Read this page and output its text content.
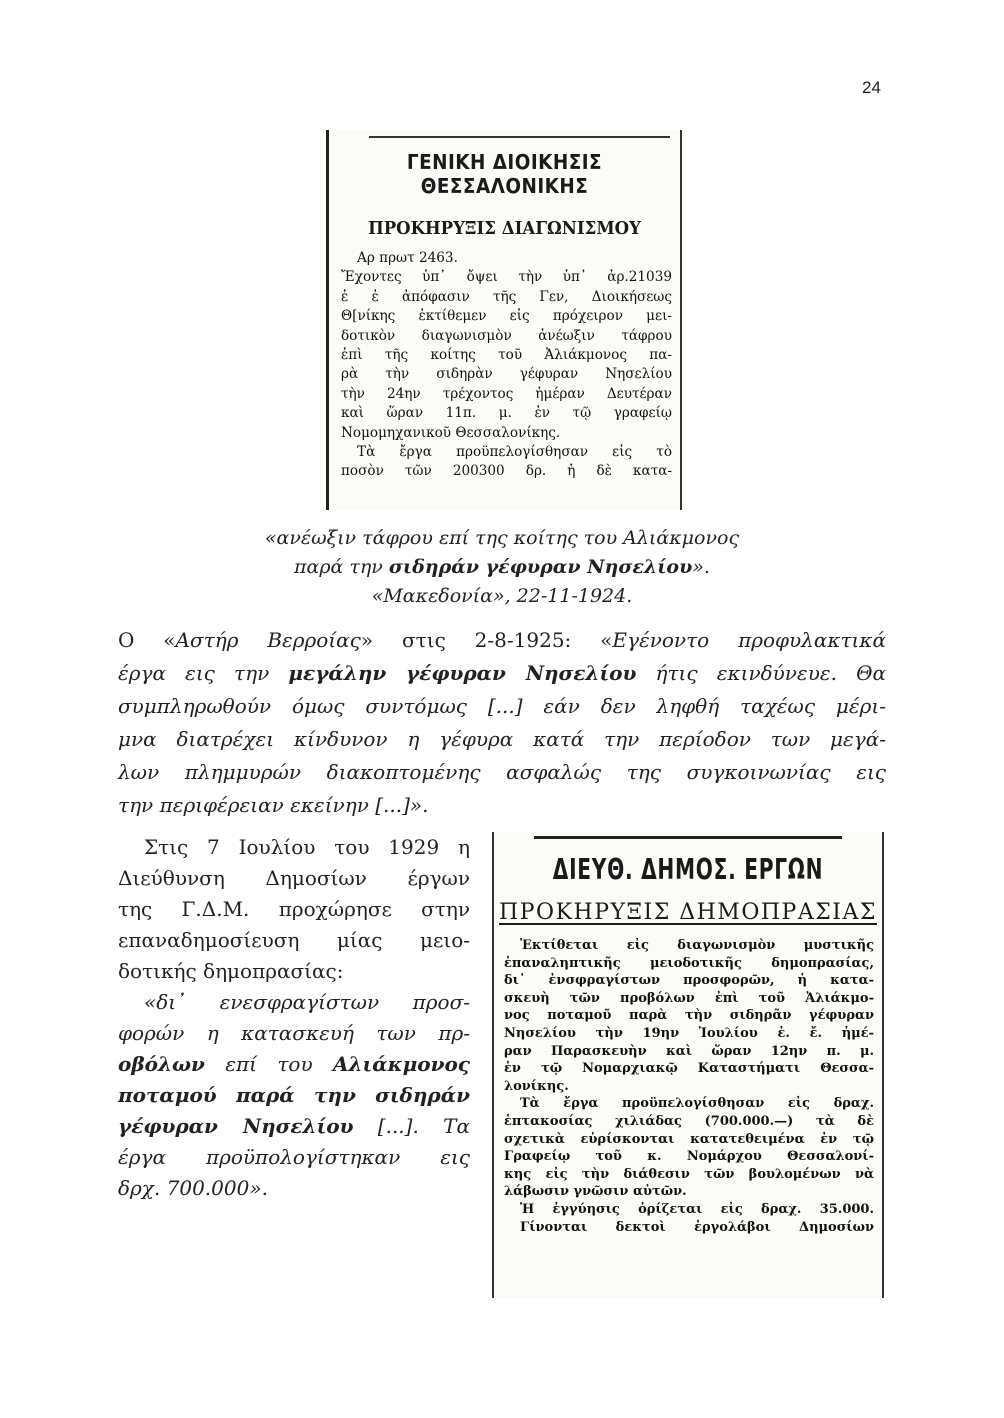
24
ΓΕΝΙΚΗ ΔΙΟΙΚΗΣΙΣ ΘΕΣΣΑΛΟΝΙΚΗΣ
ΠΡΟΚΗΡΥΞΙΣ ΔΙΑΓΩΝΙΣΜΟΥ
Αρ πρωτ 2463.
Ἔχοντες ὑπ᾽ ὄψει τὴν ὑπ᾽ ἀρ.21039
ἐ ἐ ἀπόφασιν τῆς Γεν, Διοικήσεως
Θ[νίκης ἐκτίθεμεν εἰς πρόχειρον μει-
δοτικὸν διαγωνισμὸν ἀνέωξιν τάφρου
ἐπὶ τῆς κοίτης τοῦ Ἀλιάκμονος πα-
ρὰ τὴν σιδηρὰν γέφυραν Νησελίου
τὴν 24ην τρέχοντος ἡμέραν Δευτέραν
καὶ ὥραν 11π. μ. ἐν τῷ γραφείῳ
Νομομηχανικοῦ Θεσσαλονίκης.
Τὰ ἔργα προϋπελογίσθησαν εἰς τὸ
ποσὸν τῶν 200300 δρ. ἡ δὲ κατα-
«ανέωξιν τάφρου επί της κοίτης του Αλιάκμονος
παρά την σιδηράν γέφυραν Νησελίου».
«Μακεδονία», 22-11-1924.
Ο «Αστήρ Βερροίας» στις 2-8-1925: «Εγένοντο προφυλακτικά
έργα εις την μεγάλην γέφυραν Νησελίου ήτις εκινδύνευε. Θα
συμπληρωθούν όμως συντόμως [...] εάν δεν ληφθή ταχέως μέρι-
μνα διατρέχει κίνδυνον η γέφυρα κατά την περίοδον των μεγά-
λων πλημμυρών διακοπτομένης ασφαλώς της συγκοινωνίας εις
την περιφέρειαν εκείνην [...]».
Στις 7 Ιουλίου του 1929 η
Διεύθυνση Δημοσίων έργων
της Γ.Δ.Μ. προχώρησε στην
επαναδημοσίευση μίας μειο-
δοτικής δημοπρασίας:
«δι᾽ ενεσφραγίστων προσ-
φορών η κατασκευή των πρ-
οβόλων επί του Αλιάκμονος
ποταμού παρά την σιδηράν
γέφυραν Νησελίου [...]. Τα
έργα προϋπολογίστηκαν εις
δρχ. 700.000».
ΔΙΕΥΘ. ΔΗΜΟΣ. ΕΡΓΩΝ
ΠΡΟΚΗΡΥΞΙΣ ΔΗΜΟΠΡΑΣΙΑΣ
Ἐκτίθεται εἰς διαγωνισμὸν μυστικῆς
ἐπαναληπτικῆς μειοδοτικῆς δημοπρασίας,
δι᾽ ἐνσφραγίστων προσφορῶν, ἡ κατα-
σκευὴ τῶν προβόλων ἐπὶ τοῦ Ἀλιάκμο-
νος ποταμοῦ παρὰ τὴν σιδηρᾶν γέφυραν
Νησελίου τὴν 19ην Ἰουλίου ἐ. ἔ. ἡμέ-
ραν Παρασκευὴν καὶ ὥραν 12ην π. μ.
ἐν τῷ Νομαρχιακῷ Καταστήματι Θεσσα-
λονίκης.
Τὰ ἔργα προϋπελογίσθησαν εἰς δραχ.
ἑπτακοσίας χιλιάδας (700.000.—) τὰ δὲ
σχετικὰ εὑρίσκονται κατατεθειμένα ἐν τῷ
Γραφείῳ τοῦ κ. Νομάρχου Θεσσαλονί-
κης εἰς τὴν διάθεσιν τῶν βουλομένων νὰ
λάβωσιν γνῶσιν αὐτῶν.
Ἡ ἐγγύησις ὁρίζεται εἰς δραχ. 35.000.
Γίνονται δεκτοὶ ἐργολάβοι Δημοσίων
